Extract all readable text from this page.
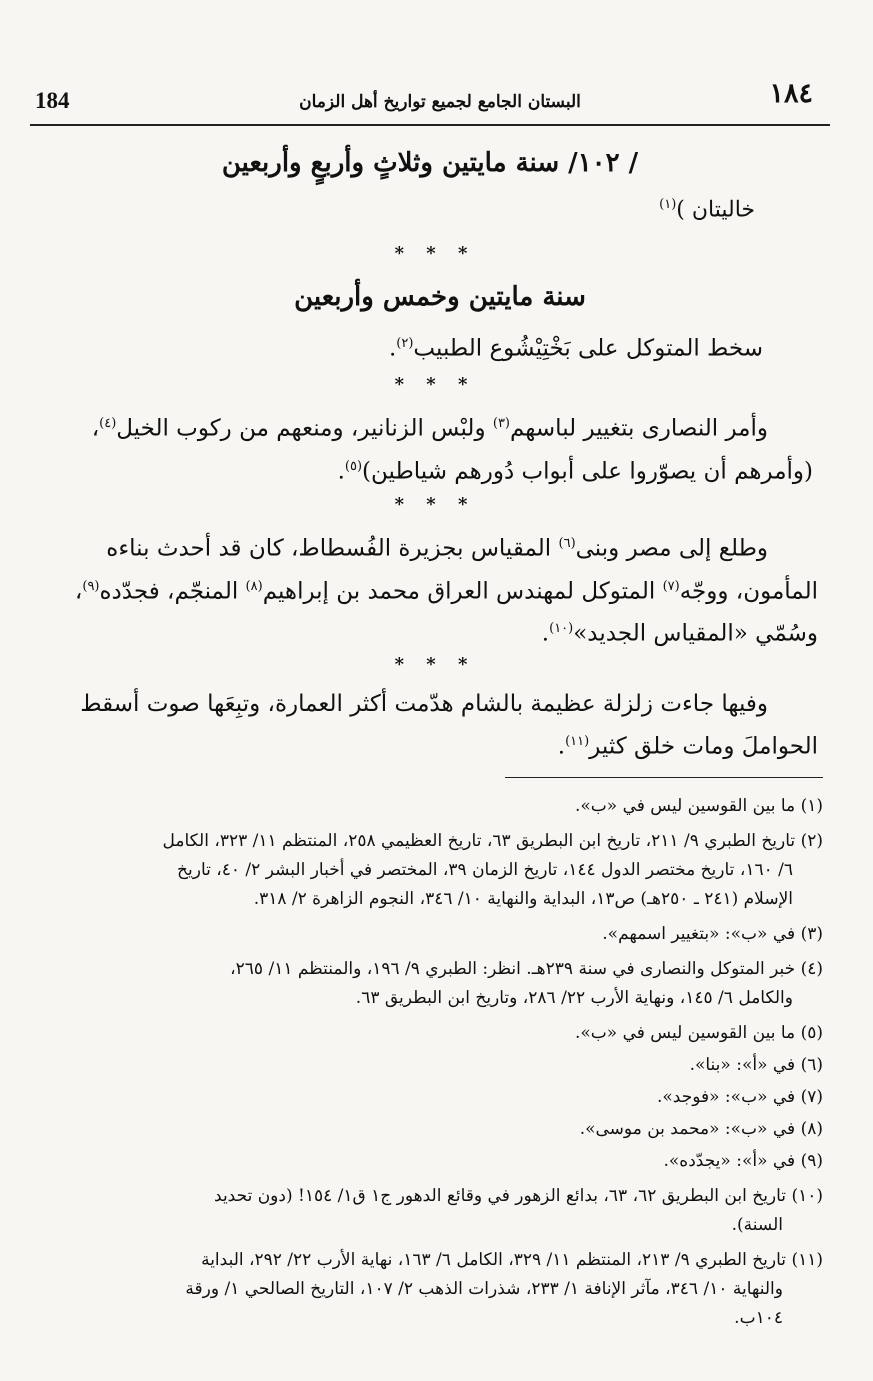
184	البستان الجامع لجميع تواريخ أهل الزمان	١٨٤
/ ١٠٢/ سنة مايتين وثلاثٍ وأربعٍ وأربعين
خاليتان )$^{(١)}$
* * *
سنة مايتين وخمس وأربعين
سخط المتوكل على بَخْتِيْشُوع الطبيب$^{(٢)}$.
* * *
وأمر النصارى بتغيير لباسهم$^{(٣)}$ ولبْس الزنانير، ومنعهم من ركوب الخيل$^{(٤)}$،
(وأمرهم أن يصوّروا على أبواب دُورهم شياطين)$^{(٥)}$.
* * *
وطلع إلى مصر وبنى$^{(٦)}$ المقياس بجزيرة الفُسطاط، كان قد أحدث بناءه
المأمون، ووجّه$^{(٧)}$ المتوكل لمهندس العراق محمد بن إبراهيم$^{(٨)}$ المنجّم، فجدّده$^{(٩)}$،
وسُمّي «المقياس الجديد»$^{(١٠)}$.
* * *
وفيها جاءت زلزلة عظيمة بالشام هدّمت أكثر العمارة، وتبِعَها صوت أسقط
الحواملَ ومات خلق كثير$^{(١١)}$.
(١) ما بين القوسين ليس في «ب».
(٢) تاريخ الطبري ٩/ ٢١١، تاريخ ابن البطريق ٦٣، تاريخ العظيمي ٢٥٨، المنتظم ١١/ ٣٢٣، الكامل
٦/ ١٦٠، تاريخ مختصر الدول ١٤٤، تاريخ الزمان ٣٩، المختصر في أخبار البشر ٢/ ٤٠، تاريخ
الإسلام (٢٤١ ـ ٢٥٠هـ) ص١٣، البداية والنهاية ١٠/ ٣٤٦، النجوم الزاهرة ٢/ ٣١٨.
(٣) في «ب»: «بتغيير اسمهم».
(٤) خبر المتوكل والنصارى في سنة ٢٣٩هـ. انظر: الطبري ٩/ ١٩٦، والمنتظم ١١/ ٢٦٥،
والكامل ٦/ ١٤٥، ونهاية الأرب ٢٢/ ٢٨٦، وتاريخ ابن البطريق ٦٣.
(٥) ما بين القوسين ليس في «ب».
(٦) في «أ»: «بنا».
(٧) في «ب»: «فوجد».
(٨) في «ب»: «محمد بن موسى».
(٩) في «أ»: «يجدّده».
(١٠) تاريخ ابن البطريق ٦٢، ٦٣، بدائع الزهور في وقائع الدهور ج١ ق١/ ١٥٤! (دون تحديد
السنة).
(١١) تاريخ الطبري ٩/ ٢١٣، المنتظم ١١/ ٣٢٩، الكامل ٦/ ١٦٣، نهاية الأرب ٢٢/ ٢٩٢، البداية
والنهاية ١٠/ ٣٤٦، مآثر الإنافة ١/ ٢٣٣، شذرات الذهب ٢/ ١٠٧، التاريخ الصالحي ١/ ورقة
١٠٤ب.
